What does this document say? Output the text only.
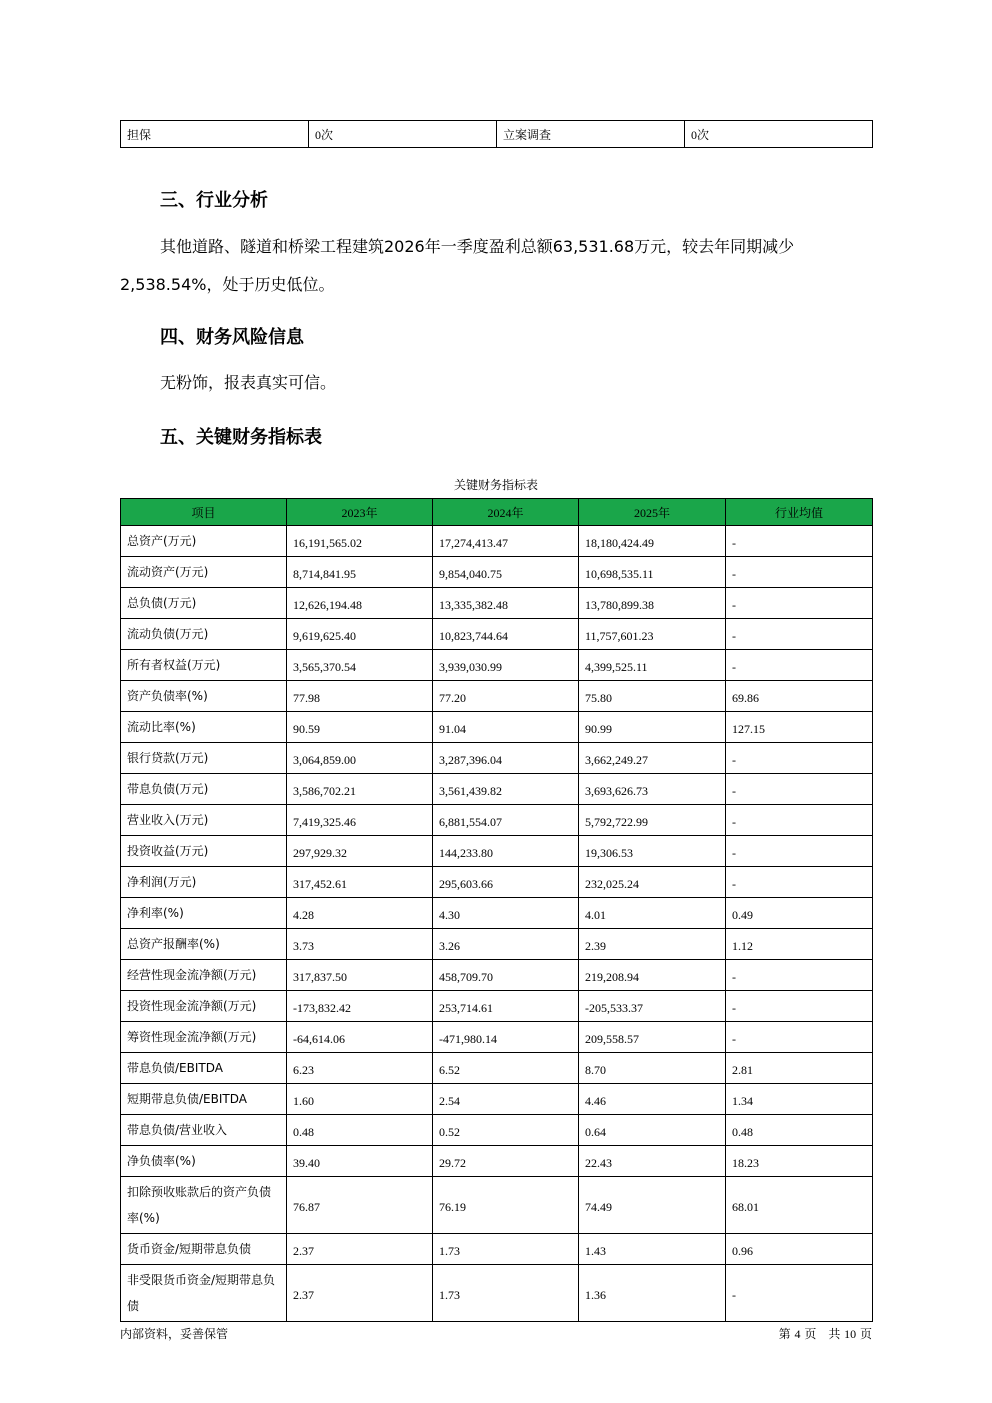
担保	0次	立案调查	0次
三、行业分析
其他道路、隧道和桥梁工程建筑2026年一季度盈利总额63,531.68万元，较去年同期减少2,538.54%，处于历史低位。
四、财务风险信息
无粉饰，报表真实可信。
五、关键财务指标表
关键财务指标表
项目	2023年	2024年	2025年	行业均值
总资产(万元)	16,191,565.02	17,274,413.47	18,180,424.49	-
流动资产(万元)	8,714,841.95	9,854,040.75	10,698,535.11	-
总负债(万元)	12,626,194.48	13,335,382.48	13,780,899.38	-
流动负债(万元)	9,619,625.40	10,823,744.64	11,757,601.23	-
所有者权益(万元)	3,565,370.54	3,939,030.99	4,399,525.11	-
资产负债率(%)	77.98	77.20	75.80	69.86
流动比率(%)	90.59	91.04	90.99	127.15
银行贷款(万元)	3,064,859.00	3,287,396.04	3,662,249.27	-
带息负债(万元)	3,586,702.21	3,561,439.82	3,693,626.73	-
营业收入(万元)	7,419,325.46	6,881,554.07	5,792,722.99	-
投资收益(万元)	297,929.32	144,233.80	19,306.53	-
净利润(万元)	317,452.61	295,603.66	232,025.24	-
净利率(%)	4.28	4.30	4.01	0.49
总资产报酬率(%)	3.73	3.26	2.39	1.12
经营性现金流净额(万元)	317,837.50	458,709.70	219,208.94	-
投资性现金流净额(万元)	-173,832.42	253,714.61	-205,533.37	-
筹资性现金流净额(万元)	-64,614.06	-471,980.14	209,558.57	-
带息负债/EBITDA	6.23	6.52	8.70	2.81
短期带息负债/EBITDA	1.60	2.54	4.46	1.34
带息负债/营业收入	0.48	0.52	0.64	0.48
净负债率(%)	39.40	29.72	22.43	18.23
扣除预收账款后的资产负债率(%)	76.87	76.19	74.49	68.01
货币资金/短期带息负债	2.37	1.73	1.43	0.96
非受限货币资金/短期带息负债	2.37	1.73	1.36	-
内部资料，妥善保管	第 4 页　共 10 页
